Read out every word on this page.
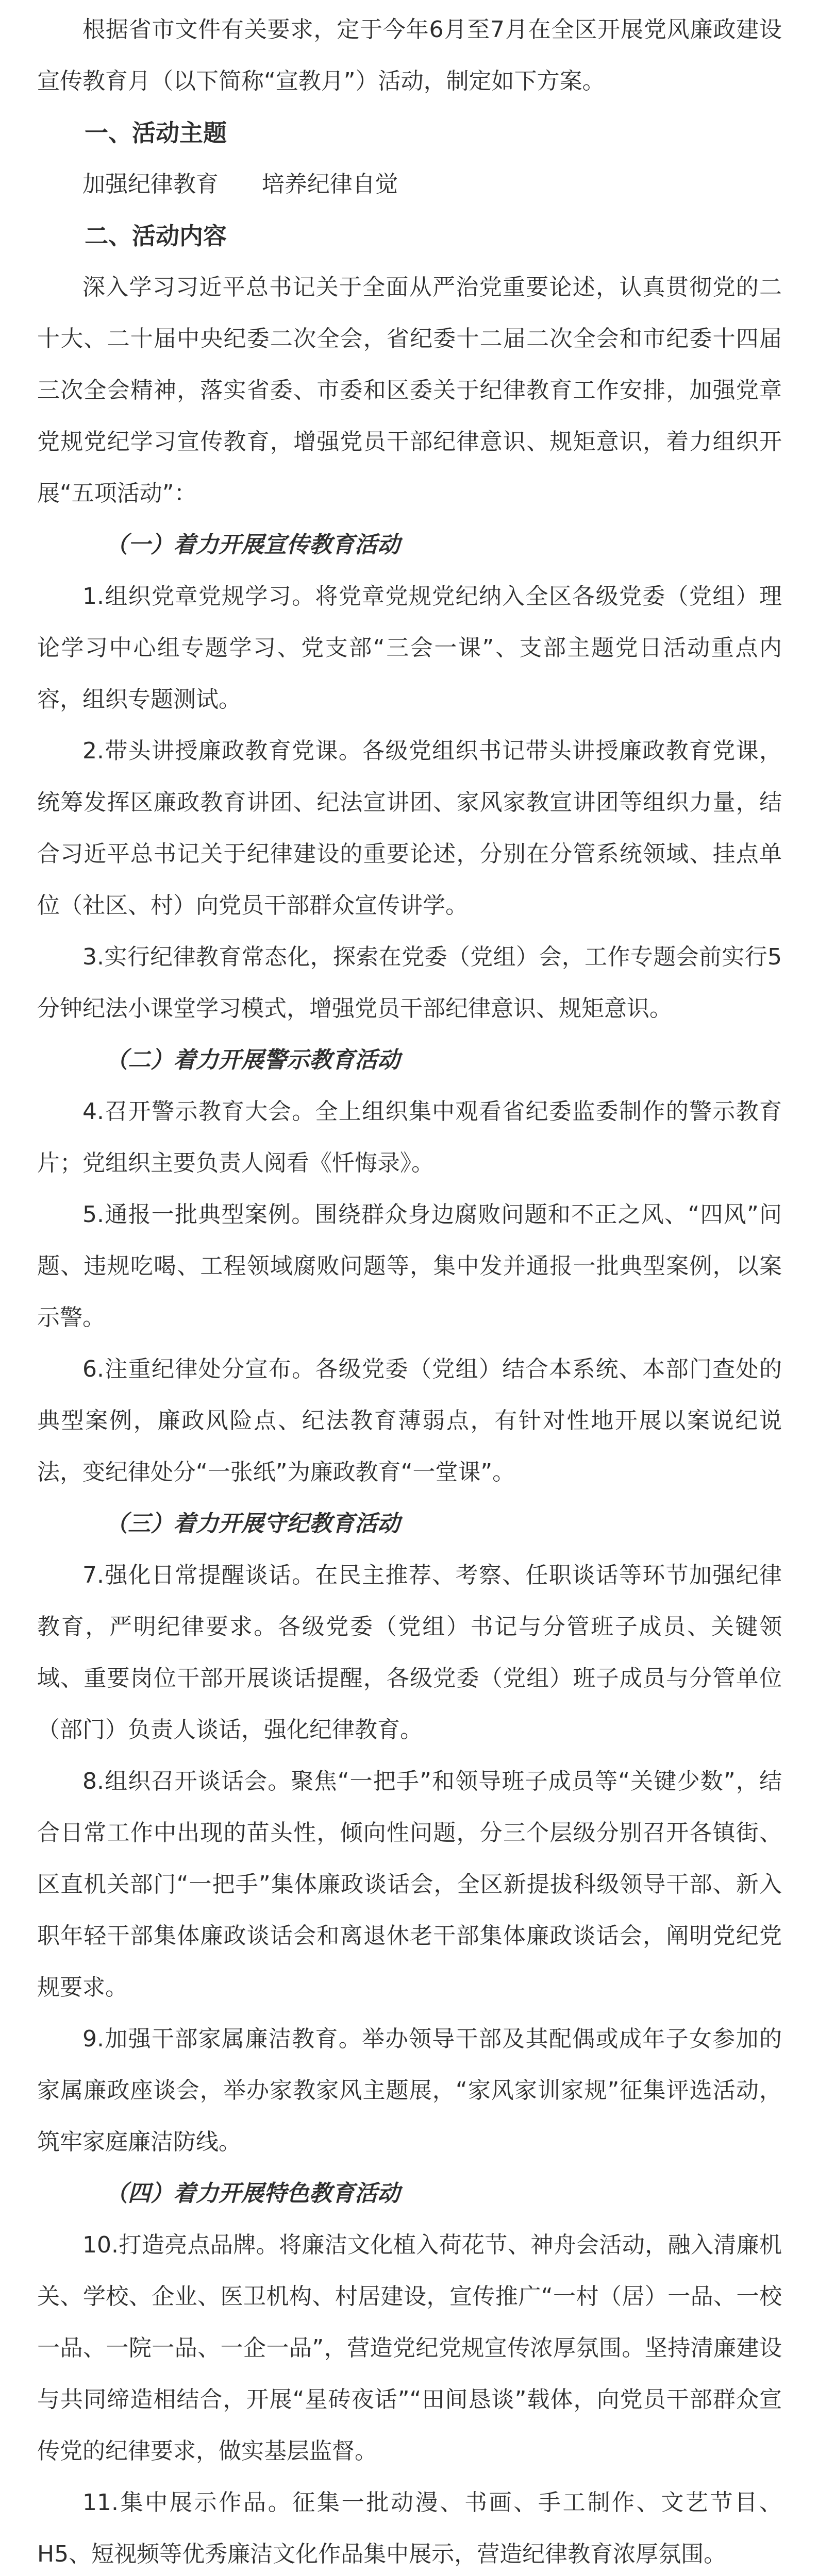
根据省市文件有关要求，定于今年6月至7月在全区开展党风廉政建设宣传教育月（以下简称“宣教月”）活动，制定如下方案。

一、活动主题

加强纪律教育      培养纪律自觉

二、活动内容

深入学习习近平总书记关于全面从严治党重要论述，认真贯彻党的二十大、二十届中央纪委二次全会，省纪委十二届二次全会和市纪委十四届三次全会精神，落实省委、市委和区委关于纪律教育工作安排，加强党章党规党纪学习宣传教育，增强党员干部纪律意识、规矩意识，着力组织开展“五项活动”：

（一）着力开展宣传教育活动

1.组织党章党规学习。将党章党规党纪纳入全区各级党委（党组）理论学习中心组专题学习、党支部“三会一课”、支部主题党日活动重点内容，组织专题测试。

2.带头讲授廉政教育党课。各级党组织书记带头讲授廉政教育党课，统筹发挥区廉政教育讲团、纪法宣讲团、家风家教宣讲团等组织力量，结合习近平总书记关于纪律建设的重要论述，分别在分管系统领域、挂点单位（社区、村）向党员干部群众宣传讲学。

3.实行纪律教育常态化，探索在党委（党组）会，工作专题会前实行5分钟纪法小课堂学习模式，增强党员干部纪律意识、规矩意识。

（二）着力开展警示教育活动

4.召开警示教育大会。全上组织集中观看省纪委监委制作的警示教育片；党组织主要负责人阅看《忏悔录》。

5.通报一批典型案例。围绕群众身边腐败问题和不正之风、“四风”问题、违规吃喝、工程领域腐败问题等，集中发并通报一批典型案例，以案示警。

6.注重纪律处分宣布。各级党委（党组）结合本系统、本部门查处的典型案例，廉政风险点、纪法教育薄弱点，有针对性地开展以案说纪说法，变纪律处分“一张纸”为廉政教育“一堂课”。

（三）着力开展守纪教育活动

7.强化日常提醒谈话。在民主推荐、考察、任职谈话等环节加强纪律教育，严明纪律要求。各级党委（党组）书记与分管班子成员、关键领域、重要岗位干部开展谈话提醒，各级党委（党组）班子成员与分管单位（部门）负责人谈话，强化纪律教育。

8.组织召开谈话会。聚焦“一把手”和领导班子成员等“关键少数”，结合日常工作中出现的苗头性，倾向性问题，分三个层级分别召开各镇街、区直机关部门“一把手”集体廉政谈话会，全区新提拔科级领导干部、新入职年轻干部集体廉政谈话会和离退休老干部集体廉政谈话会，阐明党纪党规要求。

9.加强干部家属廉洁教育。举办领导干部及其配偶或成年子女参加的家属廉政座谈会，举办家教家风主题展，“家风家训家规”征集评选活动，筑牢家庭廉洁防线。

（四）着力开展特色教育活动

10.打造亮点品牌。将廉洁文化植入荷花节、神舟会活动，融入清廉机关、学校、企业、医卫机构、村居建设，宣传推广“一村（居）一品、一校一品、一院一品、一企一品”，营造党纪党规宣传浓厚氛围。坚持清廉建设与共同缔造相结合，开展“星砖夜话”“田间恳谈”载体，向党员干部群众宣传党的纪律要求，做实基层监督。

11.集中展示作品。征集一批动漫、书画、手工制作、文艺节目、H5、短视频等优秀廉洁文化作品集中展示，营造纪律教育浓厚氛围。
